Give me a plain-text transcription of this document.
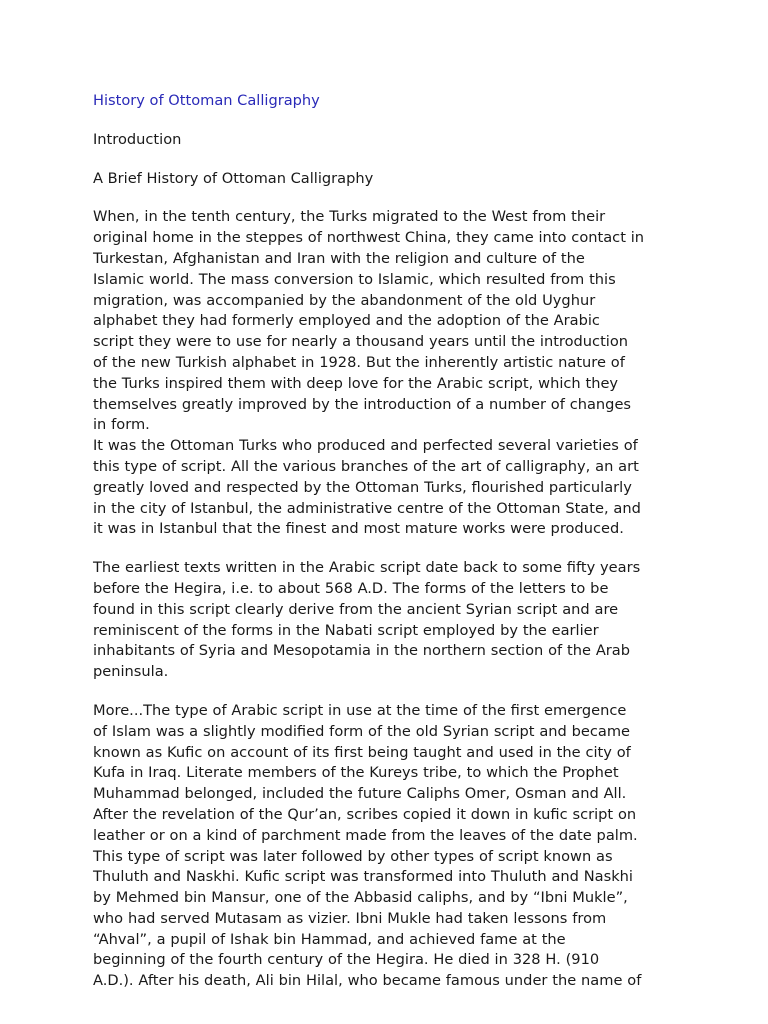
History of Ottoman Calligraphy
Introduction
A Brief History of Ottoman Calligraphy
When, in the tenth century, the Turks migrated to the West from their
original home in the steppes of northwest China, they came into contact in
Turkestan, Afghanistan and Iran with the religion and culture of the
Islamic world. The mass conversion to Islamic, which resulted from this
migration, was accompanied by the abandonment of the old Uyghur
alphabet they had formerly employed and the adoption of the Arabic
script they were to use for nearly a thousand years until the introduction
of the new Turkish alphabet in 1928. But the inherently artistic nature of
the Turks inspired them with deep love for the Arabic script, which they
themselves greatly improved by the introduction of a number of changes
in form.
It was the Ottoman Turks who produced and perfected several varieties of
this type of script. All the various branches of the art of calligraphy, an art
greatly loved and respected by the Ottoman Turks, flourished particularly
in the city of Istanbul, the administrative centre of the Ottoman State, and
it was in Istanbul that the finest and most mature works were produced.
The earliest texts written in the Arabic script date back to some fifty years
before the Hegira, i.e. to about 568 A.D. The forms of the letters to be
found in this script clearly derive from the ancient Syrian script and are
reminiscent of the forms in the Nabati script employed by the earlier
inhabitants of Syria and Mesopotamia in the northern section of the Arab
peninsula.
More...The type of Arabic script in use at the time of the first emergence
of Islam was a slightly modified form of the old Syrian script and became
known as Kufic on account of its first being taught and used in the city of
Kufa in Iraq. Literate members of the Kureys tribe, to which the Prophet
Muhammad belonged, included the future Caliphs Omer, Osman and All.
After the revelation of the Qur’an, scribes copied it down in kufic script on
leather or on a kind of parchment made from the leaves of the date palm.
This type of script was later followed by other types of script known as
Thuluth and Naskhi. Kufic script was transformed into Thuluth and Naskhi
by Mehmed bin Mansur, one of the Abbasid caliphs, and by “Ibni Mukle”,
who had served Mutasam as vizier. Ibni Mukle had taken lessons from
“Ahval”, a pupil of Ishak bin Hammad, and achieved fame at the
beginning of the fourth century of the Hegira. He died in 328 H. (910
A.D.). After his death, Ali bin Hilal, who became famous under the name of
